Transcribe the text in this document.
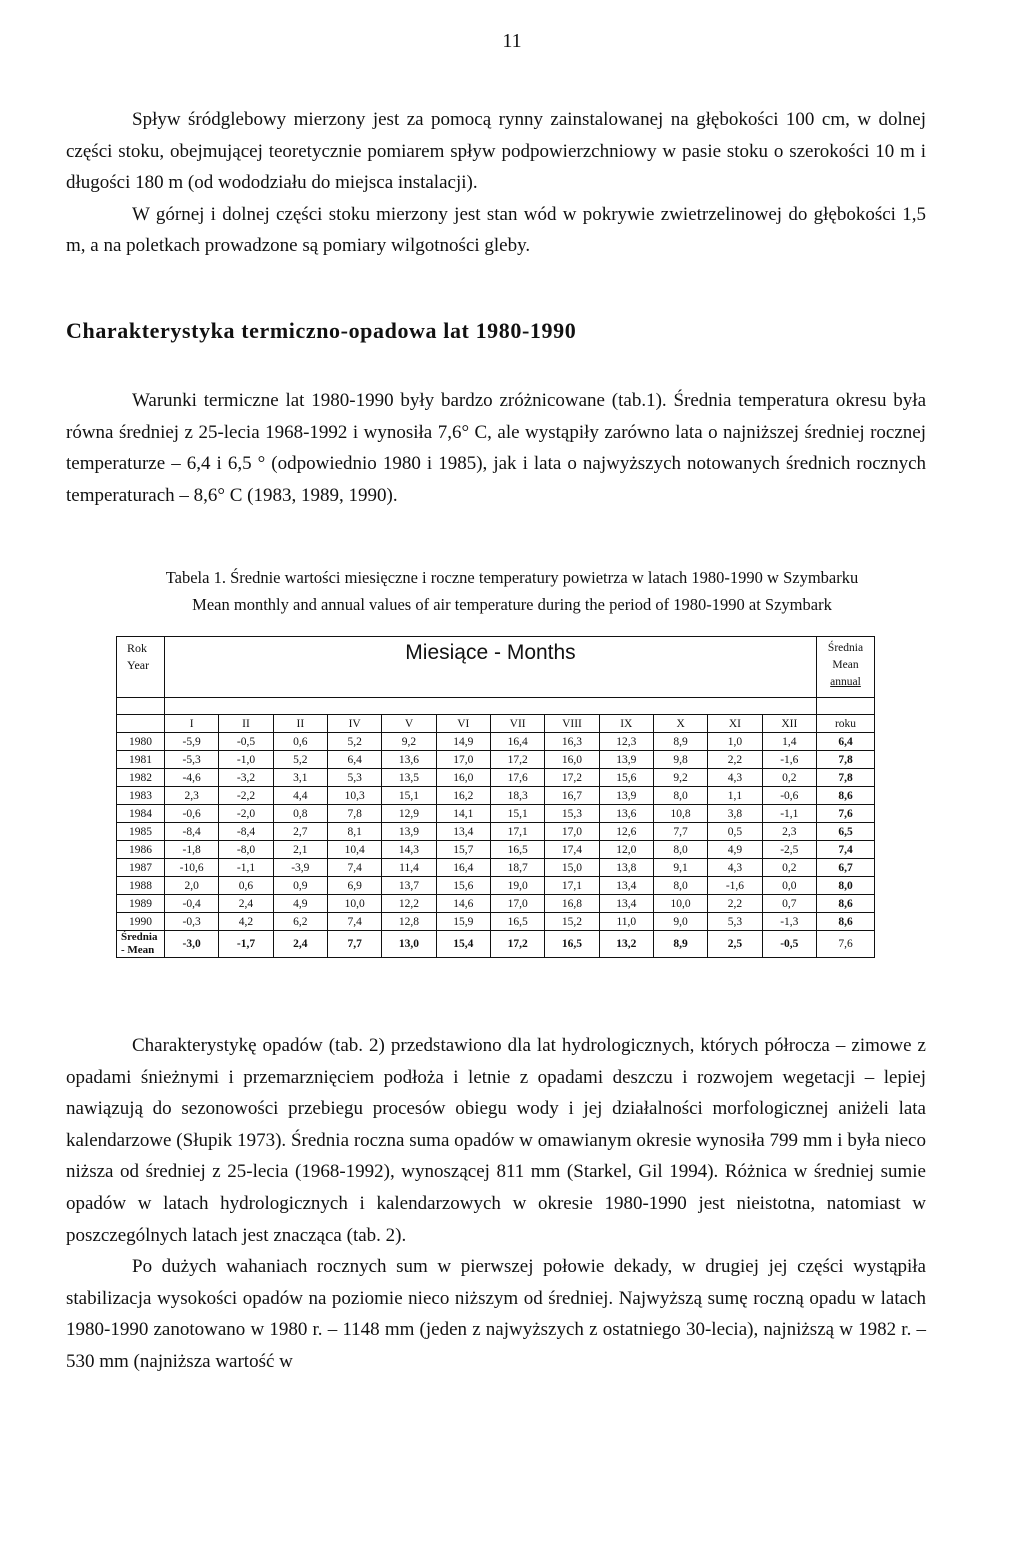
11

Spływ śródglebowy mierzony jest za pomocą rynny zainstalowanej na głębokości 100 cm, w dolnej części stoku, obejmującej teoretycznie pomiarem spływ podpowierzchniowy w pasie stoku o szerokości 10 m i długości 180 m (od wododziału do miejsca instalacji).

W górnej i dolnej części stoku mierzony jest stan wód w pokrywie zwietrzelinowej do głębokości 1,5 m, a na poletkach prowadzone są pomiary wilgotności gleby.

Charakterystyka termiczno-opadowa lat 1980-1990

Warunki termiczne lat 1980-1990 były bardzo zróżnicowane (tab.1). Średnia temperatura okresu była równa średniej z 25-lecia 1968-1992 i wynosiła 7,6° C, ale wystąpiły zarówno lata o najniższej średniej rocznej temperaturze – 6,4 i 6,5 ° (odpowiednio 1980 i 1985), jak i lata o najwyższych notowanych średnich rocznych temperaturach – 8,6° C (1983, 1989, 1990).

Tabela 1. Średnie wartości miesięczne i roczne temperatury powietrza w latach 1980-1990 w Szymbarku

Mean monthly and annual values of air temperature during the period of 1980-1990 at Szymbark

Rok
Year	Miesiące - Months												Średnia
Mean
annual

	I	II	II	IV	V	VI	VII	VIII	IX	X	XI	XII	roku
1980	-5,9	-0,5	0,6	5,2	9,2	14,9	16,4	16,3	12,3	8,9	1,0	1,4	6,4
1981	-5,3	-1,0	5,2	6,4	13,6	17,0	17,2	16,0	13,9	9,8	2,2	-1,6	7,8
1982	-4,6	-3,2	3,1	5,3	13,5	16,0	17,6	17,2	15,6	9,2	4,3	0,2	7,8
1983	2,3	-2,2	4,4	10,3	15,1	16,2	18,3	16,7	13,9	8,0	1,1	-0,6	8,6
1984	-0,6	-2,0	0,8	7,8	12,9	14,1	15,1	15,3	13,6	10,8	3,8	-1,1	7,6
1985	-8,4	-8,4	2,7	8,1	13,9	13,4	17,1	17,0	12,6	7,7	0,5	2,3	6,5
1986	-1,8	-8,0	2,1	10,4	14,3	15,7	16,5	17,4	12,0	8,0	4,9	-2,5	7,4
1987	-10,6	-1,1	-3,9	7,4	11,4	16,4	18,7	15,0	13,8	9,1	4,3	0,2	6,7
1988	2,0	0,6	0,9	6,9	13,7	15,6	19,0	17,1	13,4	8,0	-1,6	0,0	8,0
1989	-0,4	2,4	4,9	10,0	12,2	14,6	17,0	16,8	13,4	10,0	2,2	0,7	8,6
1990	-0,3	4,2	6,2	7,4	12,8	15,9	16,5	15,2	11,0	9,0	5,3	-1,3	8,6
Średnia
- Mean	-3,0	-1,7	2,4	7,7	13,0	15,4	17,2	16,5	13,2	8,9	2,5	-0,5	7,6

Charakterystykę opadów (tab. 2) przedstawiono dla lat hydrologicznych, których półrocza – zimowe z opadami śnieżnymi i przemarznięciem podłoża i letnie z opadami deszczu i rozwojem wegetacji – lepiej nawiązują do sezonowości przebiegu procesów obiegu wody i jej działalności morfologicznej aniżeli lata kalendarzowe (Słupik 1973). Średnia roczna suma opadów w omawianym okresie wynosiła 799 mm i była nieco niższa od średniej z 25-lecia (1968-1992), wynoszącej 811 mm (Starkel, Gil 1994). Różnica w średniej sumie opadów w latach hydrologicznych i kalendarzowych w okresie 1980-1990 jest nieistotna, natomiast w poszczególnych latach jest znacząca (tab. 2).

Po dużych wahaniach rocznych sum w pierwszej połowie dekady, w drugiej jej części wystąpiła stabilizacja wysokości opadów na poziomie nieco niższym od średniej. Najwyższą sumę roczną opadu w latach 1980-1990 zanotowano w 1980 r. – 1148 mm (jeden z najwyższych z ostatniego 30-lecia), najniższą w 1982 r. – 530 mm (najniższa wartość w
